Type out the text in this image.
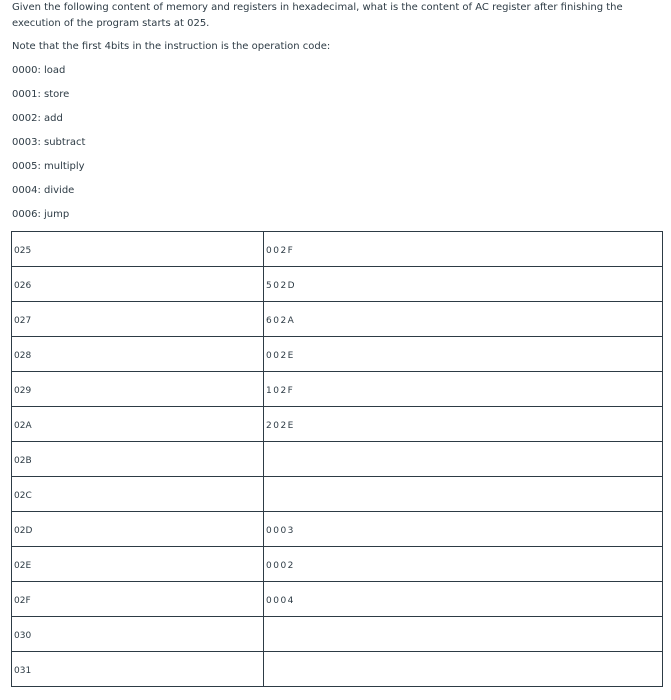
Given the following content of memory and registers in hexadecimal, what is the content of AC register after finishing the execution of the program starts at 025.

Note that the first 4bits in the instruction is the operation code:

0000: load
0001: store
0002: add
0003: subtract
0005: multiply
0004: divide
0006: jump
025	002F
026	502D
027	602A
028	002E
029	102F
02A	202E
02B	
02C	
02D	0003
02E	0002
02F	0004
030	
031	
